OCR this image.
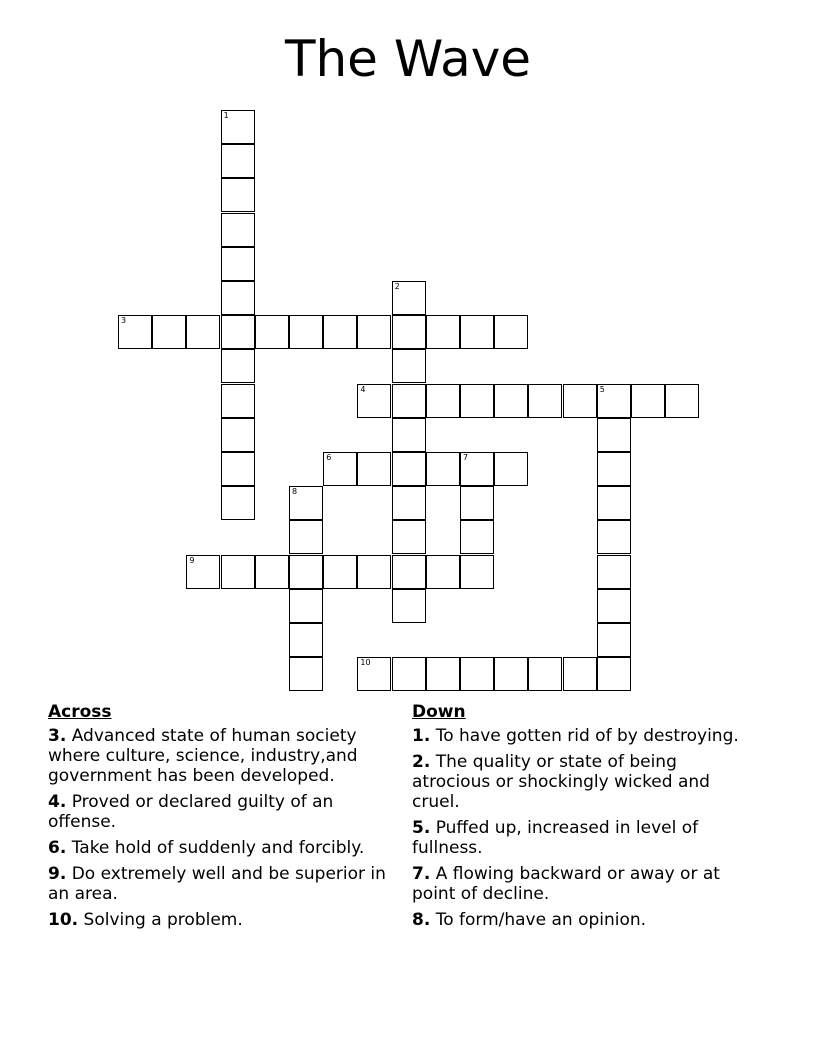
The Wave
1
2
3
4	5
6	7
8
9
10
Across
3. Advanced state of human society where culture, science, industry,and government has been developed.
4. Proved or declared guilty of an offense.
6. Take hold of suddenly and forcibly.
9. Do extremely well and be superior in an area.
10. Solving a problem.
Down
1. To have gotten rid of by destroying.
2. The quality or state of being atrocious or shockingly wicked and cruel.
5. Puffed up, increased in level of fullness.
7. A flowing backward or away or at point of decline.
8. To form/have an opinion.
